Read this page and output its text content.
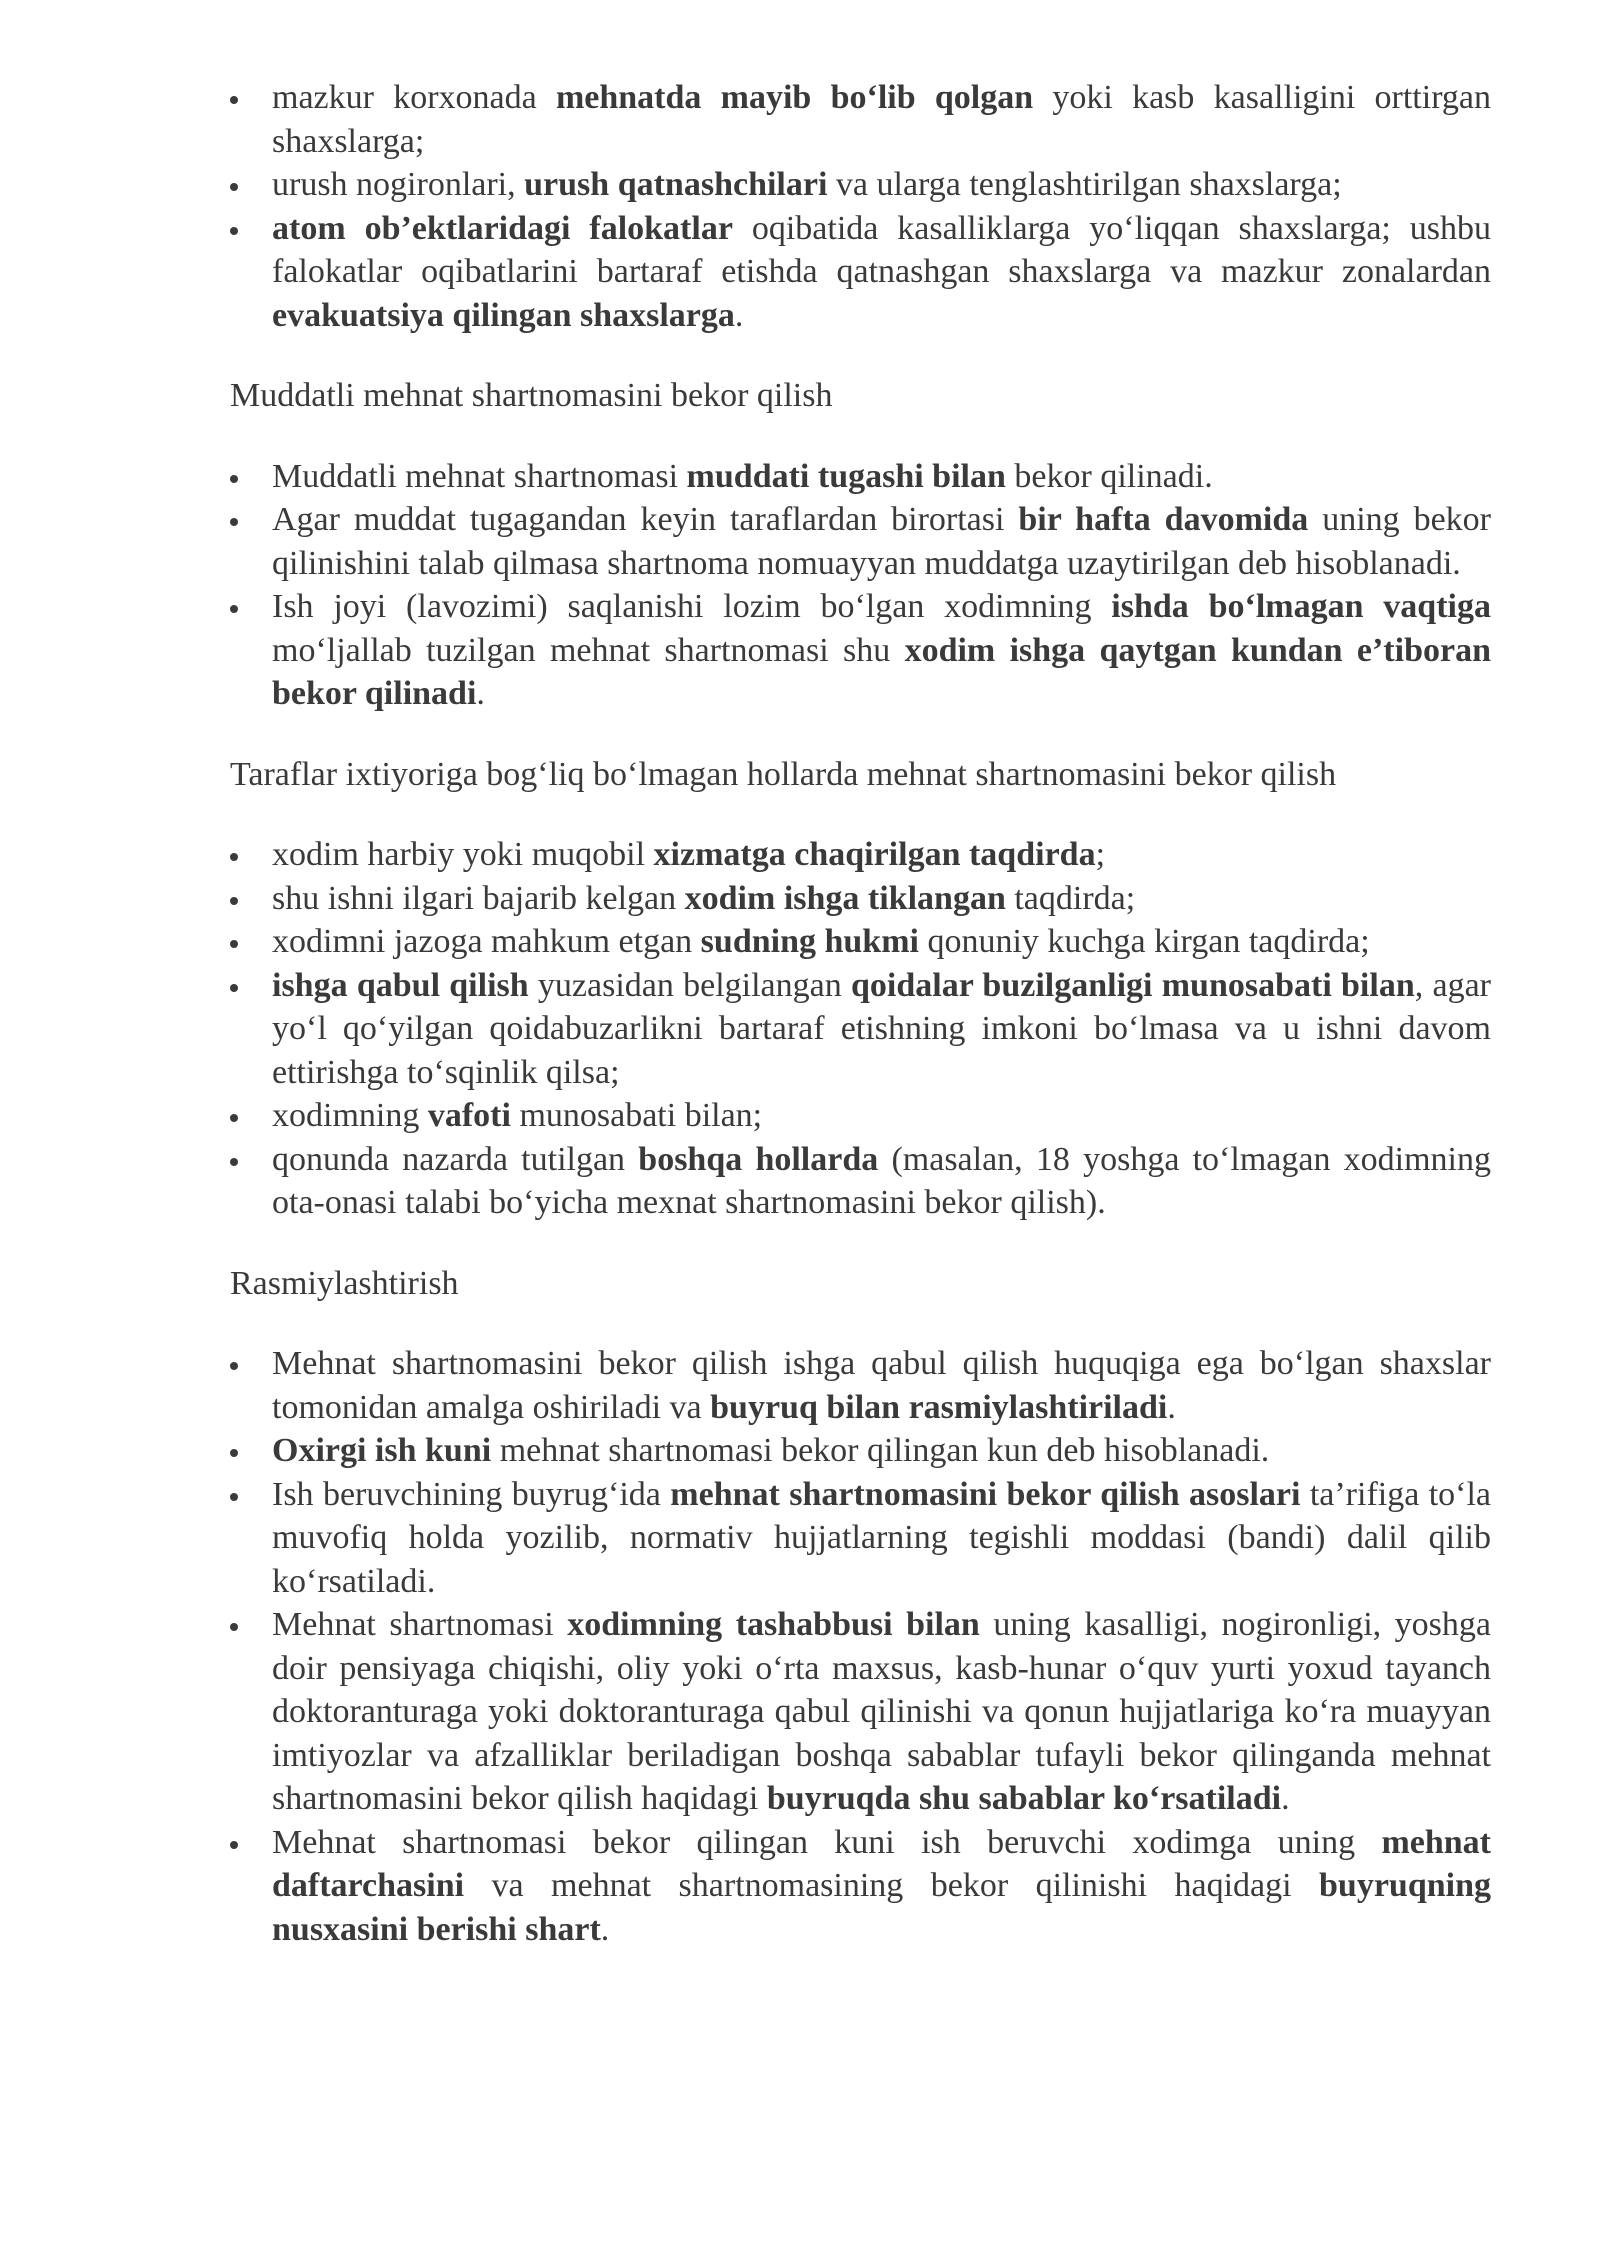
mazkur korxonada mehnatda mayib bo‘lib qolgan yoki kasb kasalligini orttirgan shaxslarga;
urush nogironlari, urush qatnashchilari va ularga tenglashtirilgan shaxslarga;
atom ob’ektlaridagi falokatlar oqibatida kasalliklarga yo‘liqqan shaxslarga; ushbu falokatlar oqibatlarini bartaraf etishda qatnashgan shaxslarga va mazkur zonalardan evakuatsiya qilingan shaxslarga.
Muddatli mehnat shartnomasini bekor qilish
Muddatli mehnat shartnomasi muddati tugashi bilan bekor qilinadi.
Agar muddat tugagandan keyin taraflardan birortasi bir hafta davomida uning bekor qilinishini talab qilmasa shartnoma nomuayyan muddatga uzaytirilgan deb hisoblanadi.
Ish joyi (lavozimi) saqlanishi lozim bo‘lgan xodimning ishda bo‘lmagan vaqtiga mo‘ljallab tuzilgan mehnat shartnomasi shu xodim ishga qaytgan kundan e’tiboran bekor qilinadi.
Taraflar ixtiyoriga bog‘liq bo‘lmagan hollarda mehnat shartnomasini bekor qilish
xodim harbiy yoki muqobil xizmatga chaqirilgan taqdirda;
shu ishni ilgari bajarib kelgan xodim ishga tiklangan taqdirda;
xodimni jazoga mahkum etgan sudning hukmi qonuniy kuchga kirgan taqdirda;
ishga qabul qilish yuzasidan belgilangan qoidalar buzilganligi munosabati bilan, agar yo‘l qo‘yilgan qoidabuzarlikni bartaraf etishning imkoni bo‘lmasa va u ishni davom ettirishga to‘sqinlik qilsa;
xodimning vafoti munosabati bilan;
qonunda nazarda tutilgan boshqa hollarda (masalan, 18 yoshga to‘lmagan xodimning ota-onasi talabi bo‘yicha mexnat shartnomasini bekor qilish).
Rasmiylashtirish
Mehnat shartnomasini bekor qilish ishga qabul qilish huquqiga ega bo‘lgan shaxslar tomonidan amalga oshiriladi va buyruq bilan rasmiylashtiriladi.
Oxirgi ish kuni mehnat shartnomasi bekor qilingan kun deb hisoblanadi.
Ish beruvchining buyrug‘ida mehnat shartnomasini bekor qilish asoslari ta’rifiga to‘la muvofiq holda yozilib, normativ hujjatlarning tegishli moddasi (bandi) dalil qilib ko‘rsatiladi.
Mehnat shartnomasi xodimning tashabbusi bilan uning kasalligi, nogironligi, yoshga doir pensiyaga chiqishi, oliy yoki o‘rta maxsus, kasb-hunar o‘quv yurti yoxud tayanch doktoranturaga yoki doktoranturaga qabul qilinishi va qonun hujjatlariga ko‘ra muayyan imtiyozlar va afzalliklar beriladigan boshqa sabablar tufayli bekor qilinganda mehnat shartnomasini bekor qilish haqidagi buyruqda shu sabablar ko‘rsatiladi.
Mehnat shartnomasi bekor qilingan kuni ish beruvchi xodimga uning mehnat daftarchasini va mehnat shartnomasining bekor qilinishi haqidagi buyruqning nusxasini berishi shart.
